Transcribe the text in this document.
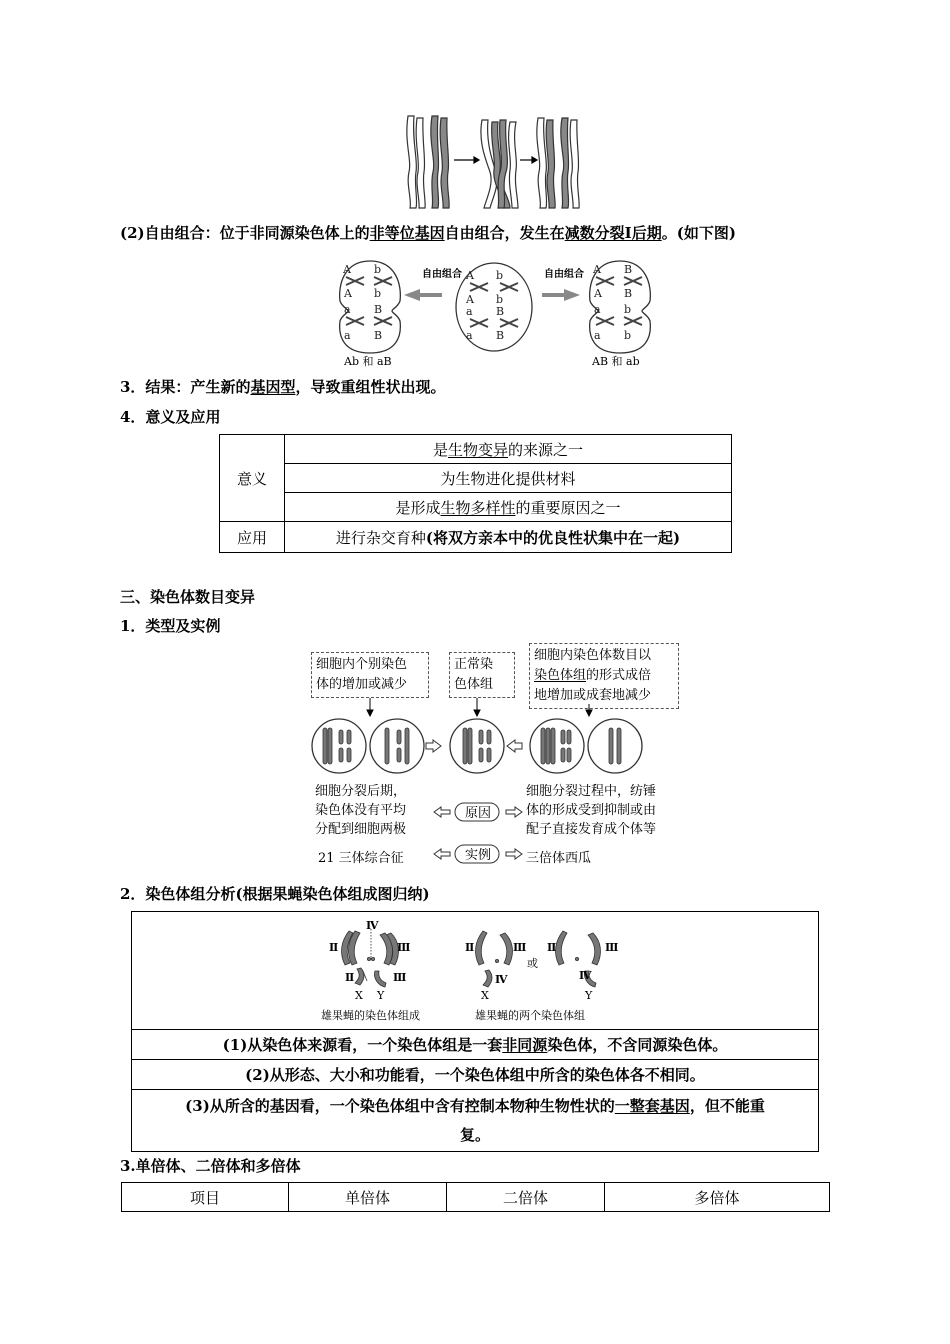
(2)自由组合：位于非同源染色体上的非等位基因自由组合，发生在减数分裂Ⅰ后期。(如下图)
A b
A b
a B
a B
A b
A b
a B
a B
A B
A B
a b
a b
自由组合	自由组合
Ab 和 aB	AB 和 ab
3．结果：产生新的基因型，导致重组性状出现。
4．意义及应用
意义	是生物变异的来源之一
	为生物进化提供材料
	是形成生物多样性的重要原因之一
应用	进行杂交育种(将双方亲本中的优良性状集中在一起)
三、染色体数目变异
1．类型及实例
细胞内个别染色
体的增加或减少
正常染
色体组
细胞内染色体数目以
染色体组的形式成倍
地增加或成套地减少
细胞分裂后期，
染色体没有平均
分配到细胞两极
原因
细胞分裂过程中，纺锤
体的形成受到抑制或由
配子直接发育成个体等
21 三体综合征	实例	三倍体西瓜
2．染色体组分析(根据果蝇染色体组成图归纳)
Ⅳ
Ⅱ	Ⅲ
Ⅱ	Ⅲ
Ⅱ	Ⅲ
Ⅳ
Ⅱ	Ⅲ
Ⅳ
X Y	X	Y
或
雄果蝇的染色体组成	雄果蝇的两个染色体组

(1)从染色体来源看，一个染色体组是一套非同源染色体，不含同源染色体。
(2)从形态、大小和功能看，一个染色体组中所含的染色体各不相同。

(3)从所含的基因看，一个染色体组中含有控制本物种生物性状的一整套基因，但不能重
复。
3.单倍体、二倍体和多倍体
项目	单倍体	二倍体	多倍体
